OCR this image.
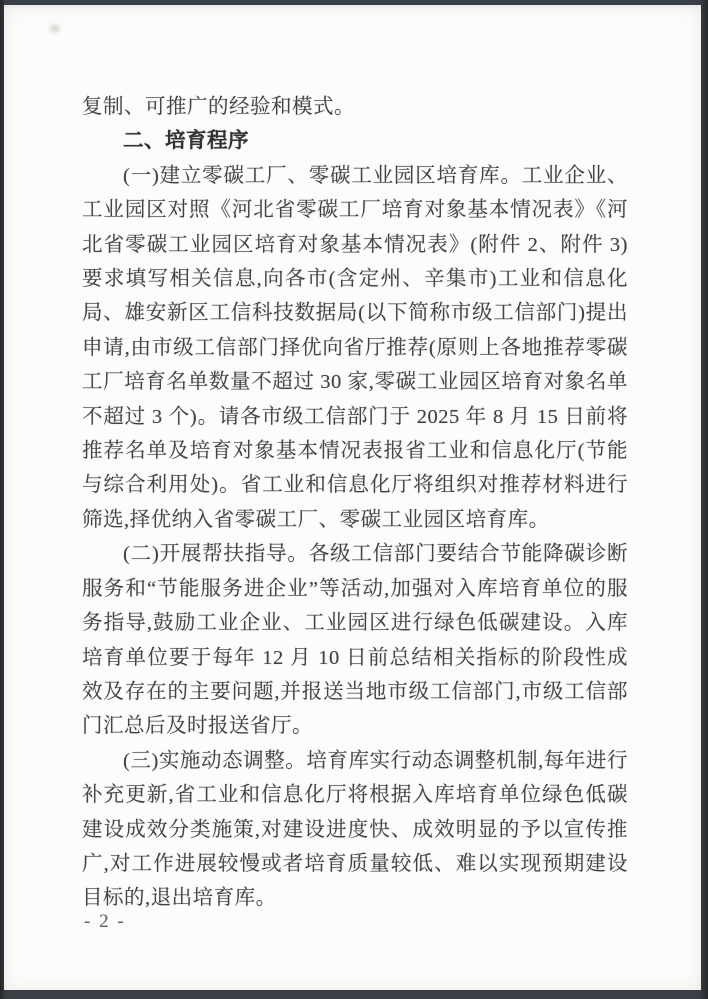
复制、可推广的经验和模式。

二、培育程序

(一)建立零碳工厂、零碳工业园区培育库。工业企业、工业园区对照《河北省零碳工厂培育对象基本情况表》《河北省零碳工业园区培育对象基本情况表》(附件 2、附件 3)要求填写相关信息,向各市(含定州、辛集市)工业和信息化局、雄安新区工信科技数据局(以下简称市级工信部门)提出申请,由市级工信部门择优向省厅推荐(原则上各地推荐零碳工厂培育名单数量不超过 30 家,零碳工业园区培育对象名单不超过 3 个)。请各市级工信部门于 2025 年 8 月 15 日前将推荐名单及培育对象基本情况表报省工业和信息化厅(节能与综合利用处)。省工业和信息化厅将组织对推荐材料进行筛选,择优纳入省零碳工厂、零碳工业园区培育库。

(二)开展帮扶指导。各级工信部门要结合节能降碳诊断服务和“节能服务进企业”等活动,加强对入库培育单位的服务指导,鼓励工业企业、工业园区进行绿色低碳建设。入库培育单位要于每年 12 月 10 日前总结相关指标的阶段性成效及存在的主要问题,并报送当地市级工信部门,市级工信部门汇总后及时报送省厅。

(三)实施动态调整。培育库实行动态调整机制,每年进行补充更新,省工业和信息化厅将根据入库培育单位绿色低碳建设成效分类施策,对建设进度快、成效明显的予以宣传推广,对工作进展较慢或者培育质量较低、难以实现预期建设目标的,退出培育库。

- 2 -
